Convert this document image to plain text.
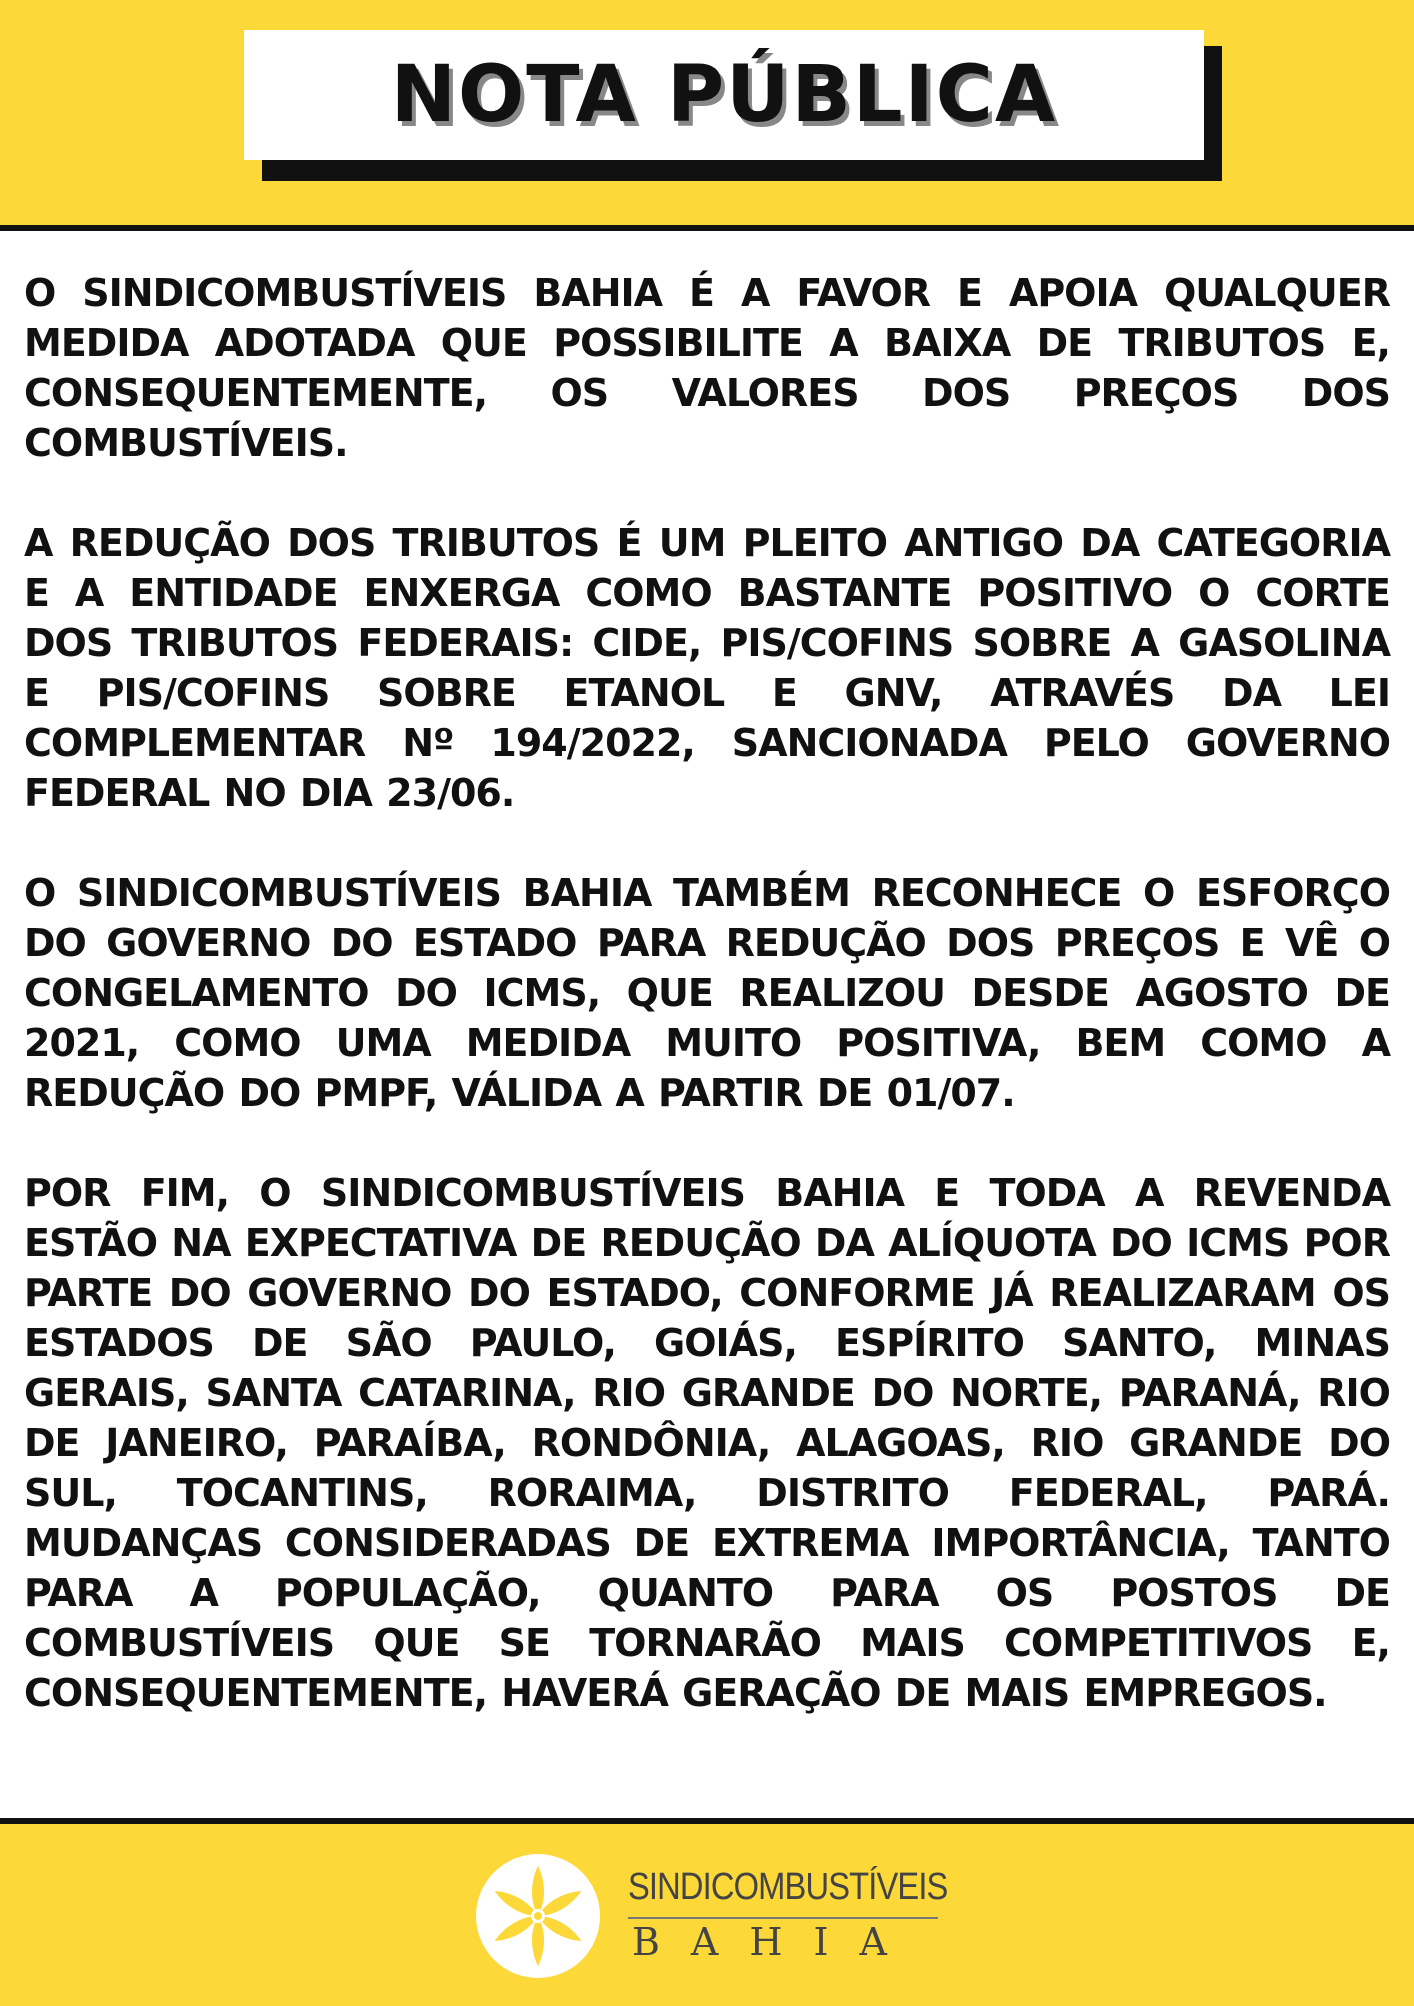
NOTA PÚBLICA

O SINDICOMBUSTÍVEIS BAHIA É A FAVOR E APOIA QUALQUER MEDIDA ADOTADA QUE POSSIBILITE A BAIXA DE TRIBUTOS E, CONSEQUENTEMENTE, OS VALORES DOS PREÇOS DOS COMBUSTÍVEIS.

A REDUÇÃO DOS TRIBUTOS É UM PLEITO ANTIGO DA CATEGORIA E A ENTIDADE ENXERGA COMO BASTANTE POSITIVO O CORTE DOS TRIBUTOS FEDERAIS: CIDE, PIS/COFINS SOBRE A GASOLINA E PIS/COFINS SOBRE ETANOL E GNV, ATRAVÉS DA LEI COMPLEMENTAR Nº 194/2022, SANCIONADA PELO GOVERNO FEDERAL NO DIA 23/06.

O SINDICOMBUSTÍVEIS BAHIA TAMBÉM RECONHECE O ESFORÇO DO GOVERNO DO ESTADO PARA REDUÇÃO DOS PREÇOS E VÊ O CONGELAMENTO DO ICMS, QUE REALIZOU DESDE AGOSTO DE 2021, COMO UMA MEDIDA MUITO POSITIVA, BEM COMO A REDUÇÃO DO PMPF, VÁLIDA A PARTIR DE 01/07.

POR FIM, O SINDICOMBUSTÍVEIS BAHIA E TODA A REVENDA ESTÃO NA EXPECTATIVA DE REDUÇÃO DA ALÍQUOTA DO ICMS POR PARTE DO GOVERNO DO ESTADO, CONFORME JÁ REALIZARAM OS ESTADOS DE SÃO PAULO, GOIÁS, ESPÍRITO SANTO, MINAS GERAIS, SANTA CATARINA, RIO GRANDE DO NORTE, PARANÁ, RIO DE JANEIRO, PARAÍBA, RONDÔNIA, ALAGOAS, RIO GRANDE DO SUL, TOCANTINS, RORAIMA, DISTRITO FEDERAL, PARÁ. MUDANÇAS CONSIDERADAS DE EXTREMA IMPORTÂNCIA, TANTO PARA A POPULAÇÃO, QUANTO PARA OS POSTOS DE COMBUSTÍVEIS QUE SE TORNARÃO MAIS COMPETITIVOS E, CONSEQUENTEMENTE, HAVERÁ GERAÇÃO DE MAIS EMPREGOS.

SINDICOMBUSTÍVEIS
BAHIA
